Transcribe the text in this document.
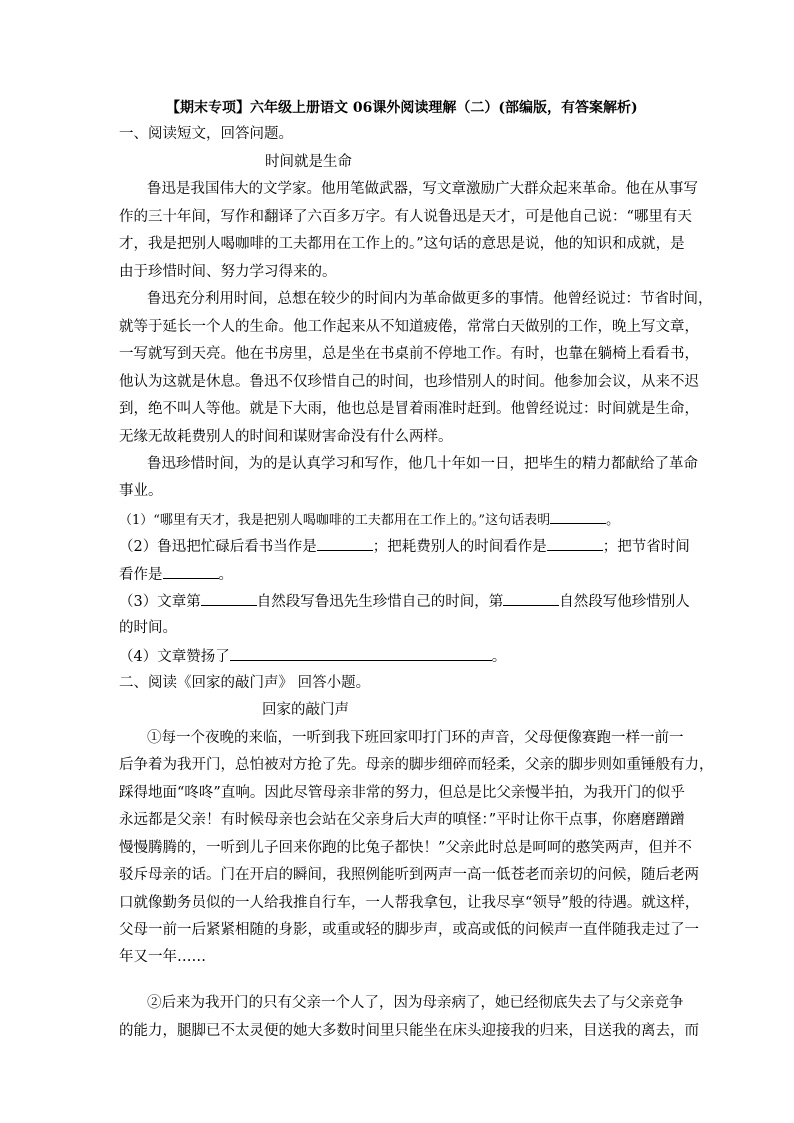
【期末专项】六年级上册语文 06课外阅读理解（二）(部编版，有答案解析)
一、阅读短文，回答问题。
时间就是生命
鲁迅是我国伟大的文学家。他用笔做武器，写文章激励广大群众起来革命。他在从事写
作的三十年间，写作和翻译了六百多万字。有人说鲁迅是天才，可是他自己说：“哪里有天
才，我是把别人喝咖啡的工夫都用在工作上的。”这句话的意思是说，他的知识和成就，是
由于珍惜时间、努力学习得来的。
鲁迅充分利用时间，总想在较少的时间内为革命做更多的事情。他曾经说过：节省时间，
就等于延长一个人的生命。他工作起来从不知道疲倦，常常白天做别的工作，晚上写文章，
一写就写到天亮。他在书房里，总是坐在书桌前不停地工作。有时，也靠在躺椅上看看书，
他认为这就是休息。鲁迅不仅珍惜自己的时间，也珍惜别人的时间。他参加会议，从来不迟
到，绝不叫人等他。就是下大雨，他也总是冒着雨准时赶到。他曾经说过：时间就是生命，
无缘无故耗费别人的时间和谋财害命没有什么两样。
鲁迅珍惜时间，为的是认真学习和写作，他几十年如一日，把毕生的精力都献给了革命
事业。
（1）“哪里有天才，我是把别人喝咖啡的工夫都用在工作上的。”这句话表明	。
（2）鲁迅把忙碌后看书当作是	；把耗费别人的时间看作是	；把节省时间
看作是	。
（3）文章第	自然段写鲁迅先生珍惜自己的时间，第	自然段写他珍惜别人
的时间。
（4）文章赞扬了	。
二、阅读《回家的敲门声》 回答小题。
回家的敲门声
①每一个夜晚的来临，一听到我下班回家叩打门环的声音，父母便像赛跑一样一前一
后争着为我开门，总怕被对方抢了先。母亲的脚步细碎而轻柔，父亲的脚步则如重锤般有力，
踩得地面“咚咚”直响。因此尽管母亲非常的努力，但总是比父亲慢半拍，为我开门的似乎
永远都是父亲！有时候母亲也会站在父亲身后大声的嗔怪：”平时让你干点事，你磨磨蹭蹭
慢慢腾腾的，一听到儿子回来你跑的比兔子都快！”父亲此时总是呵呵的憨笑两声，但并不
驳斥母亲的话。门在开启的瞬间，我照例能听到两声一高一低苍老而亲切的问候，随后老两
口就像勤务员似的一人给我推自行车，一人帮我拿包，让我尽享“领导”般的待遇。就这样，
父母一前一后紧紧相随的身影，或重或轻的脚步声，或高或低的问候声一直伴随我走过了一
年又一年……
②后来为我开门的只有父亲一个人了，因为母亲病了，她已经彻底失去了与父亲竞争
的能力，腿脚已不太灵便的她大多数时间里只能坐在床头迎接我的归来，目送我的离去，而
